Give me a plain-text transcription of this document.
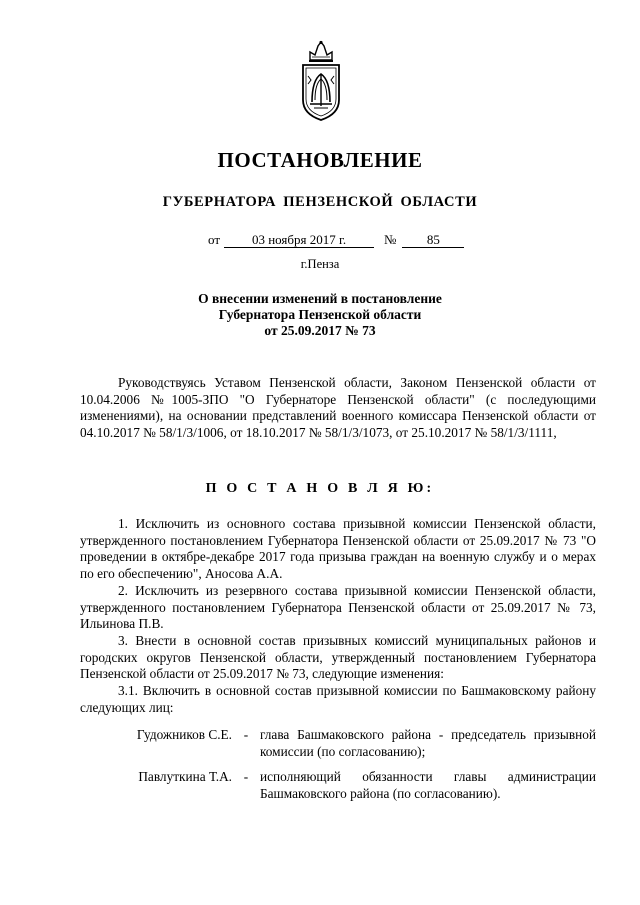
ПОСТАНОВЛЕНИЕ
ГУБЕРНАТОРА ПЕНЗЕНСКОЙ ОБЛАСТИ
от 03 ноября 2017 г.	№ 85
г.Пенза
О внесении изменений в постановление
Губернатора Пензенской области
от 25.09.2017 № 73

Руководствуясь Уставом Пензенской области, Законом Пензенской области от 10.04.2006 №1005-ЗПО "О Губернаторе Пензенской области" (с последующими изменениями), на основании представлений военного комиссара Пензенской области от 04.10.2017 № 58/1/3/1006, от 18.10.2017 № 58/1/3/1073, от 25.10.2017 № 58/1/3/1111,

П О С Т А Н О В Л Я Ю:

1. Исключить из основного состава призывной комиссии Пензенской области, утвержденного постановлением Губернатора Пензенской области от 25.09.2017 № 73 "О проведении в октябре-декабре 2017 года призыва граждан на военную службу и о мерах по его обеспечению", Аносова А.А.

2. Исключить из резервного состава призывной комиссии Пензенской области, утвержденного постановлением Губернатора Пензенской области от 25.09.2017 № 73, Ильинова П.В.

3. Внести в основной состав призывных комиссий муниципальных районов и городских округов Пензенской области, утвержденный постановлением Губернатора Пензенской области от 25.09.2017 № 73, следующие изменения:

3.1. Включить в основной состав призывной комиссии по Башмаковскому району следующих лиц:

Гудожников С.Е. - глава Башмаковского района - председатель призывной комиссии (по согласованию);
Павлуткина Т.А. - исполняющий обязанности главы администрации Башмаковского района (по согласованию).
